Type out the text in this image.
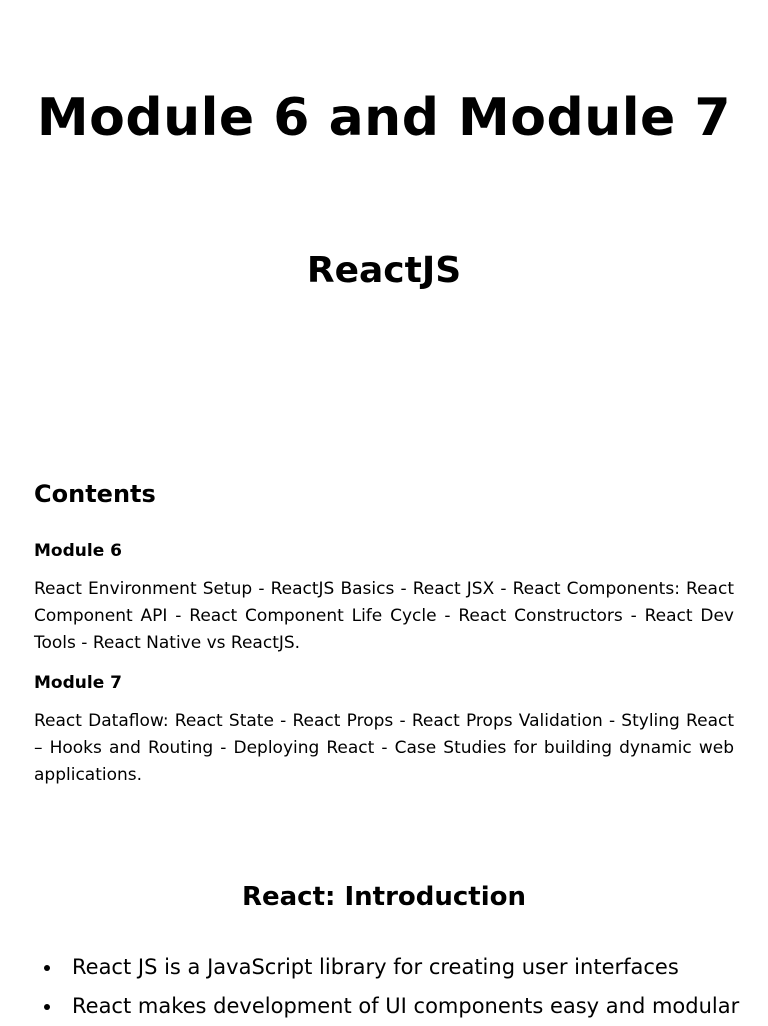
Module 6 and Module 7
ReactJS
Contents
Module 6

React Environment Setup - ReactJS Basics - React JSX - React Components: React Component API - React Component Life Cycle - React Constructors - React Dev Tools - React Native vs ReactJS.

Module 7

React Dataflow: React State - React Props - React Props Validation - Styling React – Hooks and Routing - Deploying React - Case Studies for building dynamic web applications.

React: Introduction
React JS is a JavaScript library for creating user interfaces
React makes development of UI components easy and modular
